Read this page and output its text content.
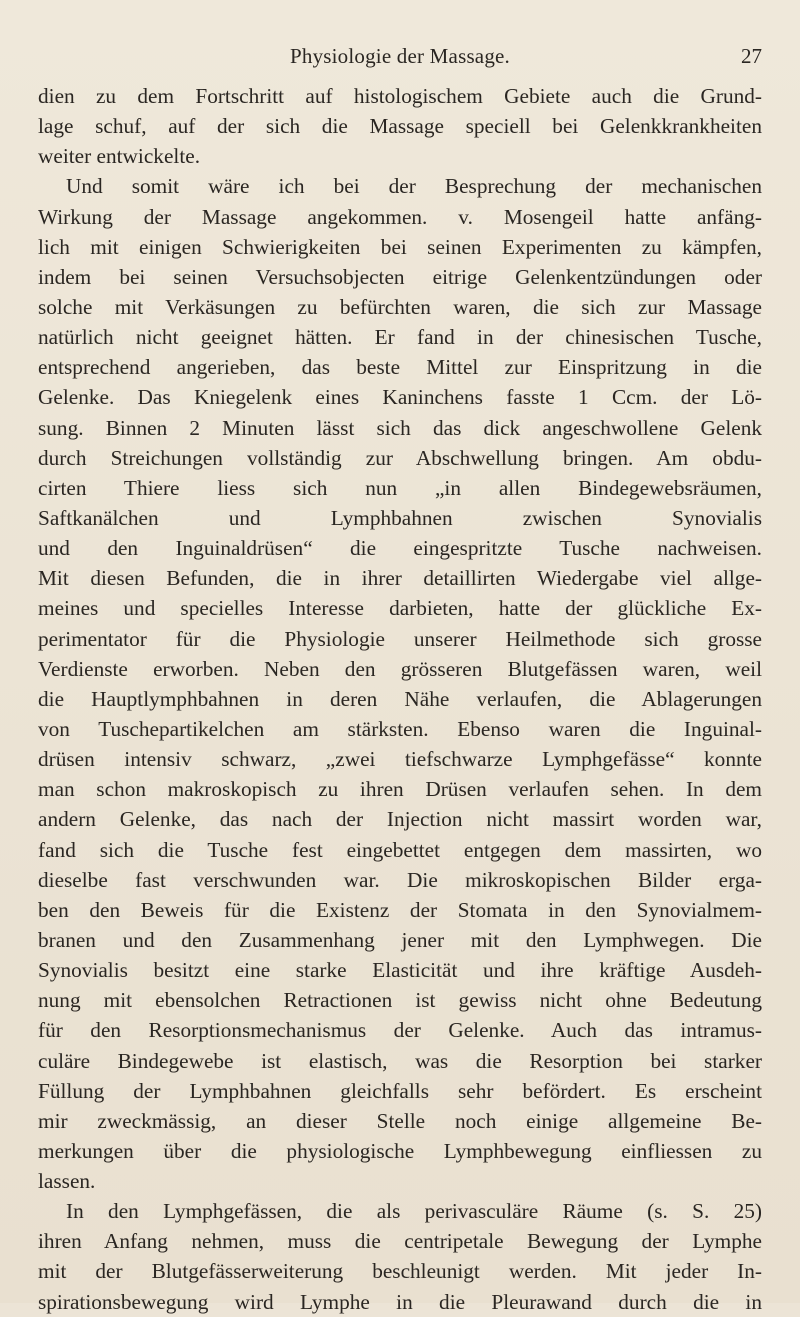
Physiologie der Massage.	27
dien zu dem Fortschritt auf histologischem Gebiete auch die Grund-
lage schuf, auf der sich die Massage speciell bei Gelenkkrankheiten
weiter entwickelte.
Und somit wäre ich bei der Besprechung der mechanischen
Wirkung der Massage angekommen. v. Mosengeil hatte anfäng-
lich mit einigen Schwierigkeiten bei seinen Experimenten zu kämpfen,
indem bei seinen Versuchsobjecten eitrige Gelenkentzündungen oder
solche mit Verkäsungen zu befürchten waren, die sich zur Massage
natürlich nicht geeignet hätten. Er fand in der chinesischen Tusche,
entsprechend angerieben, das beste Mittel zur Einspritzung in die
Gelenke. Das Kniegelenk eines Kaninchens fasste 1 Ccm. der Lö-
sung. Binnen 2 Minuten lässt sich das dick angeschwollene Gelenk
durch Streichungen vollständig zur Abschwellung bringen. Am obdu-
cirten Thiere liess sich nun „in allen Bindegewebsräumen,
Saftkanälchen und Lymphbahnen zwischen Synovialis
und den Inguinaldrüsen“ die eingespritzte Tusche nachweisen.
Mit diesen Befunden, die in ihrer detaillirten Wiedergabe viel allge-
meines und specielles Interesse darbieten, hatte der glückliche Ex-
perimentator für die Physiologie unserer Heilmethode sich grosse
Verdienste erworben. Neben den grösseren Blutgefässen waren, weil
die Hauptlymphbahnen in deren Nähe verlaufen, die Ablagerungen
von Tuschepartikelchen am stärksten. Ebenso waren die Inguinal-
drüsen intensiv schwarz, „zwei tiefschwarze Lymphgefässe“ konnte
man schon makroskopisch zu ihren Drüsen verlaufen sehen. In dem
andern Gelenke, das nach der Injection nicht massirt worden war,
fand sich die Tusche fest eingebettet entgegen dem massirten, wo
dieselbe fast verschwunden war. Die mikroskopischen Bilder erga-
ben den Beweis für die Existenz der Stomata in den Synovialmem-
branen und den Zusammenhang jener mit den Lymphwegen. Die
Synovialis besitzt eine starke Elasticität und ihre kräftige Ausdeh-
nung mit ebensolchen Retractionen ist gewiss nicht ohne Bedeutung
für den Resorptionsmechanismus der Gelenke. Auch das intramus-
culäre Bindegewebe ist elastisch, was die Resorption bei starker
Füllung der Lymphbahnen gleichfalls sehr befördert. Es erscheint
mir zweckmässig, an dieser Stelle noch einige allgemeine Be-
merkungen über die physiologische Lymphbewegung einfliessen zu
lassen.
In den Lymphgefässen, die als perivasculäre Räume (s. S. 25)
ihren Anfang nehmen, muss die centripetale Bewegung der Lymphe
mit der Blutgefässerweiterung beschleunigt werden. Mit jeder In-
spirationsbewegung wird Lymphe in die Pleurawand durch die in
